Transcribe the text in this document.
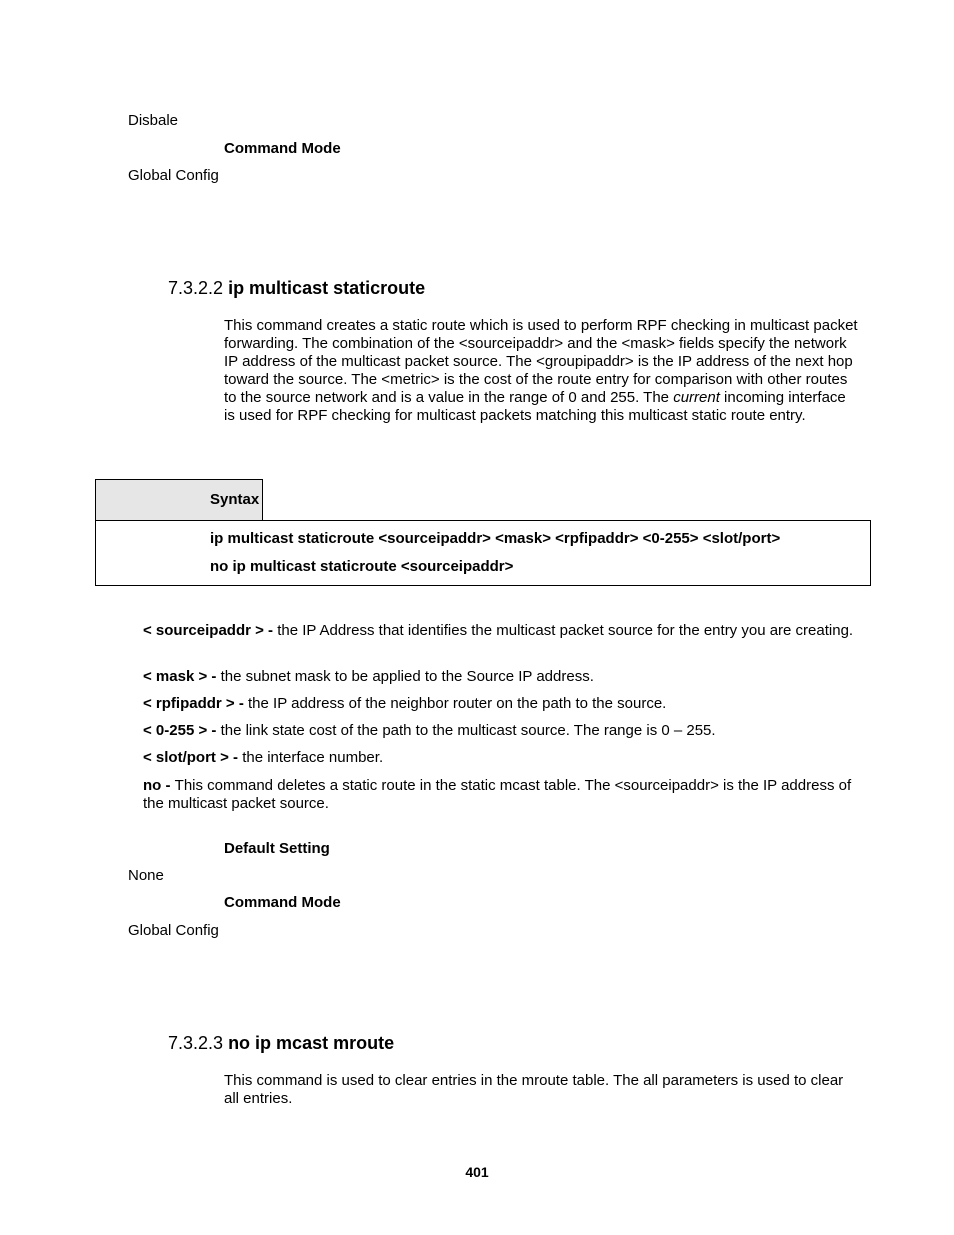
Disbale
Command Mode
Global Config
7.3.2.2 ip multicast staticroute
This command creates a static route which is used to perform RPF checking in multicast packet forwarding. The combination of the <sourceipaddr> and the <mask> fields specify the network IP address of the multicast packet source. The <groupipaddr> is the IP address of the next hop toward the source. The <metric> is the cost of the route entry for comparison with other routes to the source network and is a value in the range of 0 and 255. The current incoming interface is used for RPF checking for multicast packets matching this multicast static route entry.
Syntax
ip multicast staticroute <sourceipaddr> <mask> <rpfipaddr> <0-255> <slot/port>
no ip multicast staticroute <sourceipaddr>
< sourceipaddr > - the IP Address that identifies the multicast packet source for the entry you are creating.
< mask > - the subnet mask to be applied to the Source IP address.
< rpfipaddr > - the IP address of the neighbor router on the path to the source.
< 0-255 > - the link state cost of the path to the multicast source. The range is 0 – 255.
< slot/port > - the interface number.
no - This command deletes a static route in the static mcast table. The <sourceipaddr> is the IP address of the multicast packet source.
Default Setting
None
Command Mode
Global Config
7.3.2.3 no ip mcast mroute
This command is used to clear entries in the mroute table. The all parameters is used to clear all entries.
401
